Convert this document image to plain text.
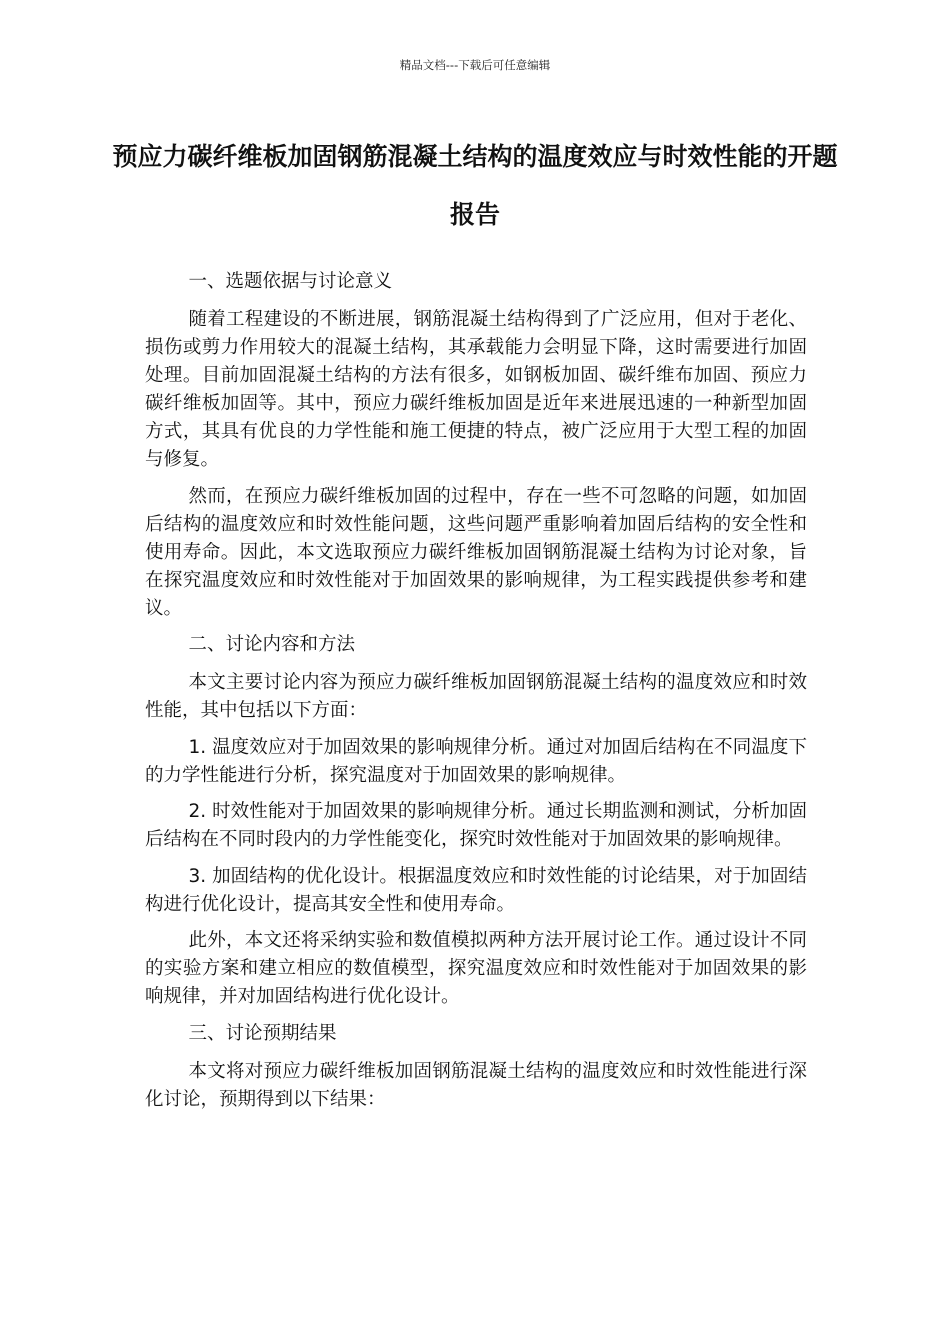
精品文档---下载后可任意编辑
预应力碳纤维板加固钢筋混凝土结构的温度效应与时效性能的开题报告

一、选题依据与讨论意义

随着工程建设的不断进展，钢筋混凝土结构得到了广泛应用，但对于老化、损伤或剪力作用较大的混凝土结构，其承载能力会明显下降，这时需要进行加固处理。目前加固混凝土结构的方法有很多，如钢板加固、碳纤维布加固、预应力碳纤维板加固等。其中，预应力碳纤维板加固是近年来进展迅速的一种新型加固方式，其具有优良的力学性能和施工便捷的特点，被广泛应用于大型工程的加固与修复。

然而，在预应力碳纤维板加固的过程中，存在一些不可忽略的问题，如加固后结构的温度效应和时效性能问题，这些问题严重影响着加固后结构的安全性和使用寿命。因此，本文选取预应力碳纤维板加固钢筋混凝土结构为讨论对象，旨在探究温度效应和时效性能对于加固效果的影响规律，为工程实践提供参考和建议。

二、讨论内容和方法

本文主要讨论内容为预应力碳纤维板加固钢筋混凝土结构的温度效应和时效性能，其中包括以下方面：

1. 温度效应对于加固效果的影响规律分析。通过对加固后结构在不同温度下的力学性能进行分析，探究温度对于加固效果的影响规律。

2. 时效性能对于加固效果的影响规律分析。通过长期监测和测试，分析加固后结构在不同时段内的力学性能变化，探究时效性能对于加固效果的影响规律。

3. 加固结构的优化设计。根据温度效应和时效性能的讨论结果，对于加固结构进行优化设计，提高其安全性和使用寿命。

此外，本文还将采纳实验和数值模拟两种方法开展讨论工作。通过设计不同的实验方案和建立相应的数值模型，探究温度效应和时效性能对于加固效果的影响规律，并对加固结构进行优化设计。

三、讨论预期结果

本文将对预应力碳纤维板加固钢筋混凝土结构的温度效应和时效性能进行深化讨论，预期得到以下结果：
